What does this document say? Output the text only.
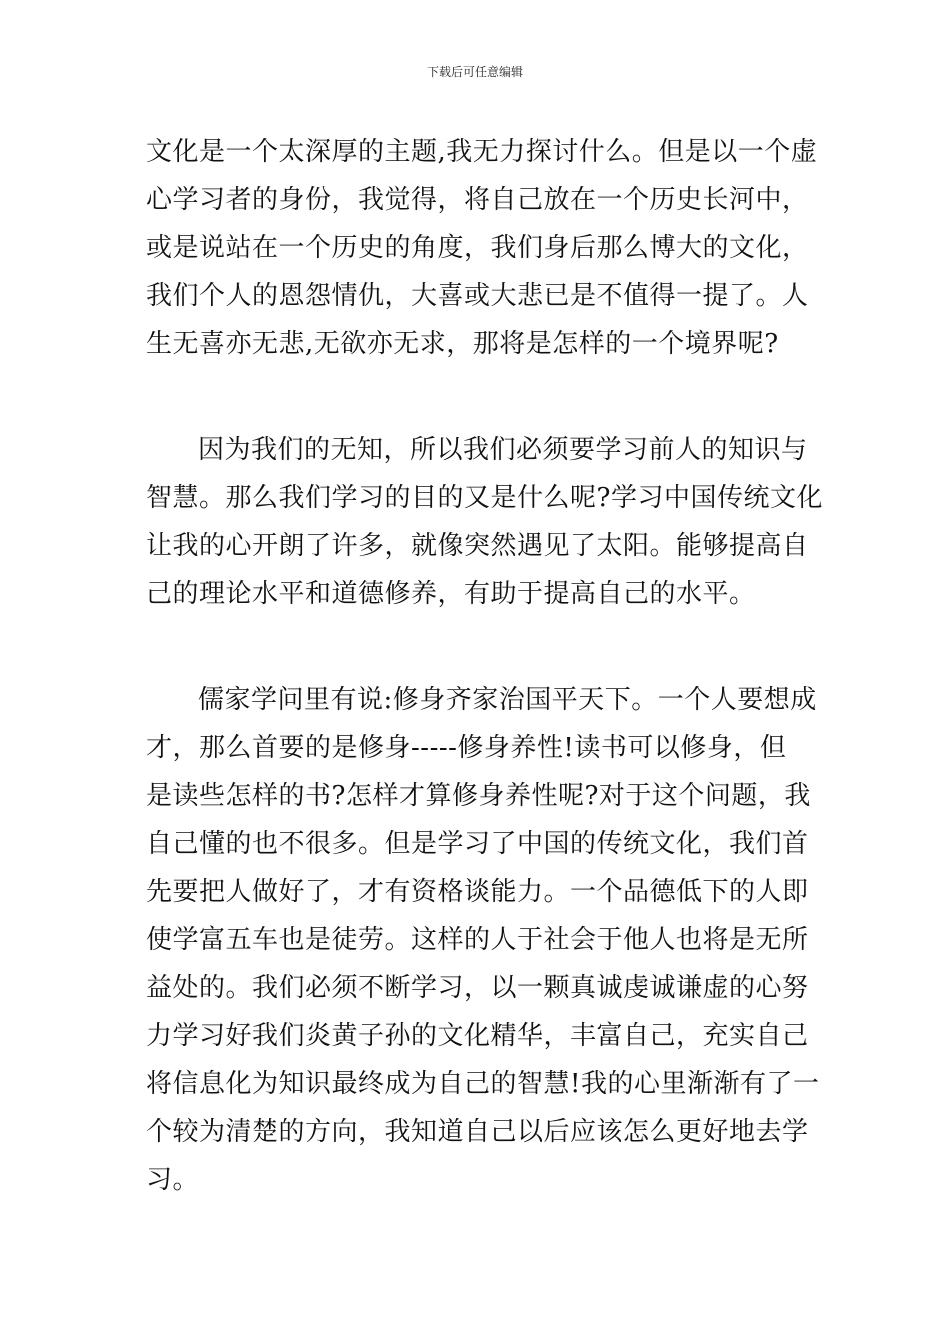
下载后可任意编辑

文化是一个太深厚的主题,我无力探讨什么。但是以一个虚
心学习者的身份，我觉得，将自己放在一个历史长河中，
或是说站在一个历史的角度，我们身后那么博大的文化，
我们个人的恩怨情仇，大喜或大悲已是不值得一提了。人
生无喜亦无悲,无欲亦无求，那将是怎样的一个境界呢?

因为我们的无知，所以我们必须要学习前人的知识与
智慧。那么我们学习的目的又是什么呢?学习中国传统文化
让我的心开朗了许多，就像突然遇见了太阳。能够提高自
己的理论水平和道德修养，有助于提高自己的水平。

儒家学问里有说:修身齐家治国平天下。一个人要想成
才，那么首要的是修身-----修身养性!读书可以修身，但
是读些怎样的书?怎样才算修身养性呢?对于这个问题，我
自己懂的也不很多。但是学习了中国的传统文化，我们首
先要把人做好了，才有资格谈能力。一个品德低下的人即
使学富五车也是徒劳。这样的人于社会于他人也将是无所
益处的。我们必须不断学习，以一颗真诚虔诚谦虚的心努
力学习好我们炎黄子孙的文化精华，丰富自己，充实自己
将信息化为知识最终成为自己的智慧!我的心里渐渐有了一
个较为清楚的方向，我知道自己以后应该怎么更好地去学
习。
